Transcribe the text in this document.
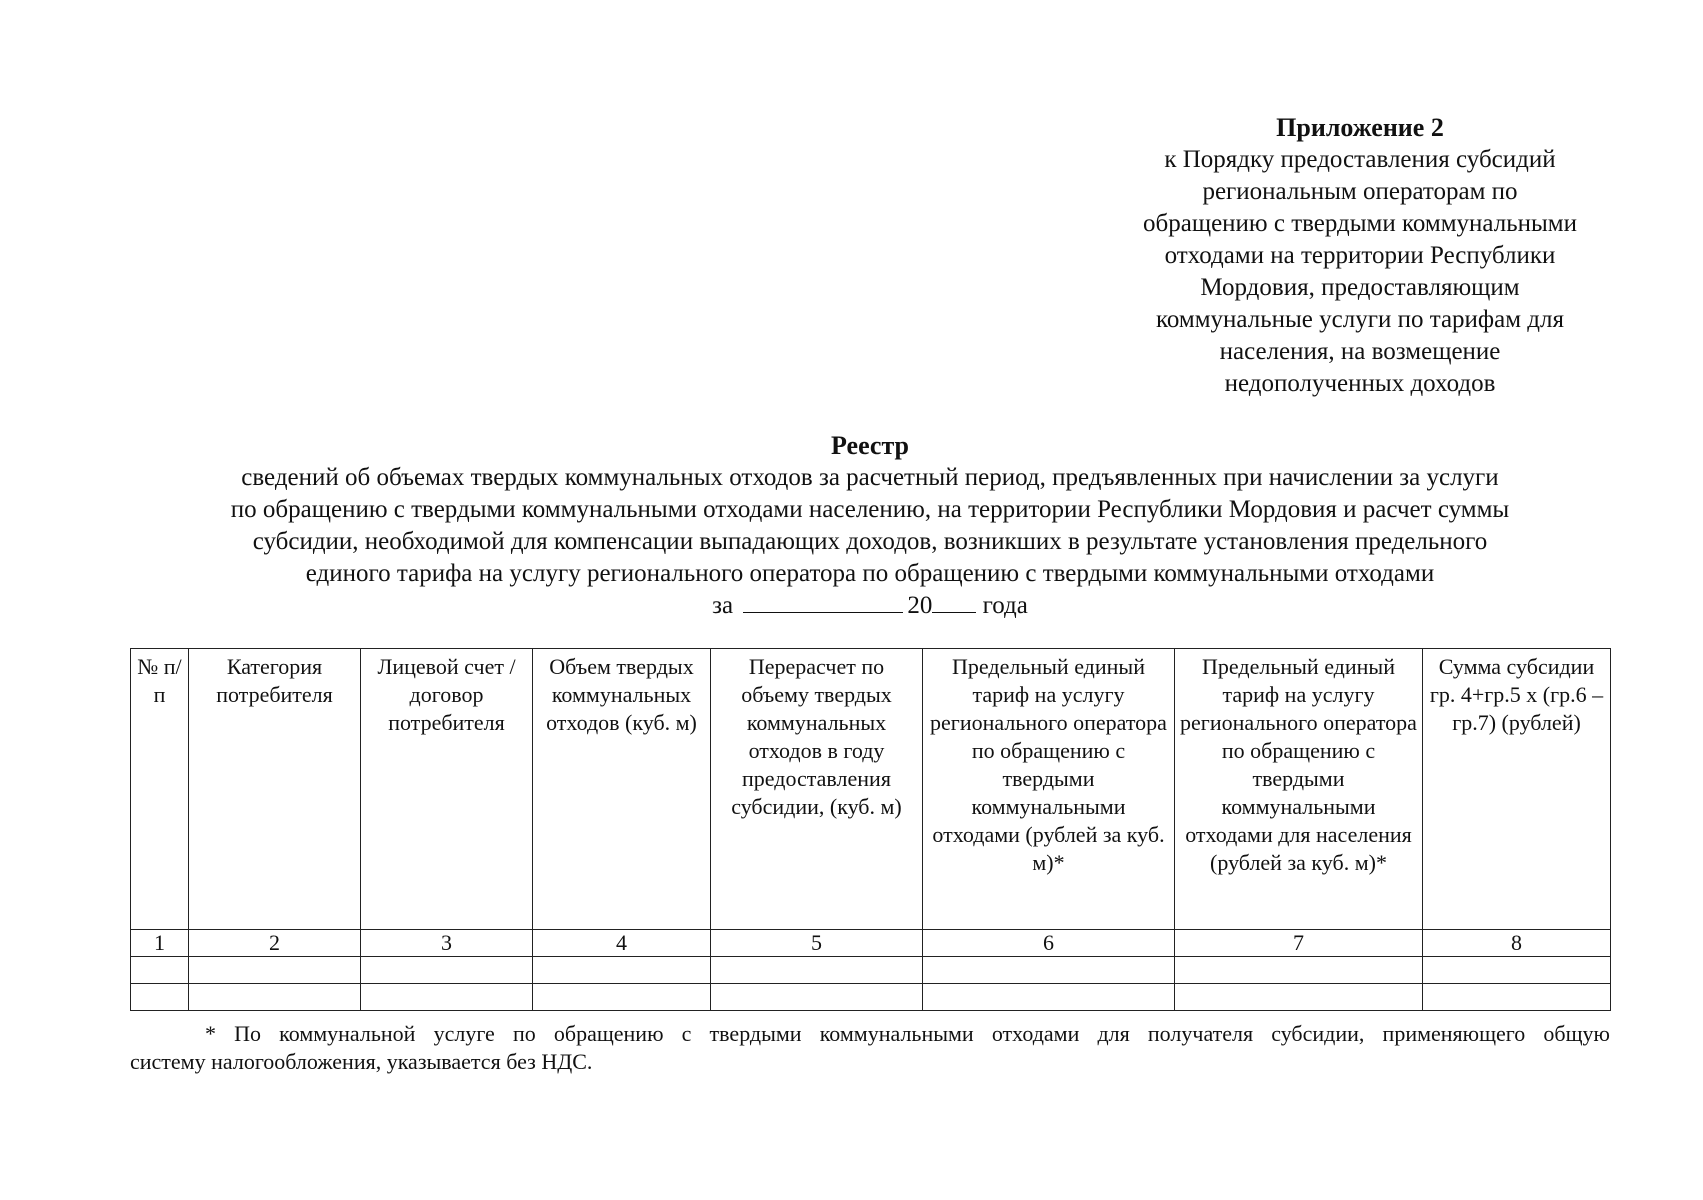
Приложение 2
к Порядку предоставления субсидий
региональным операторам по
обращению с твердыми коммунальными
отходами на территории Республики
Мордовия, предоставляющим
коммунальные услуги по тарифам для
населения, на возмещение
недополученных доходов
Реестр
сведений об объемах твердых коммунальных отходов за расчетный период, предъявленных при начислении за услуги
по обращению с твердыми коммунальными отходами населению, на территории Республики Мордовия и расчет суммы
субсидии, необходимой для компенсации выпадающих доходов, возникших в результате установления предельного
единого тарифа на услугу регионального оператора по обращению с твердыми коммунальными отходами
за	20 года
№ п/п	Категория потребителя	Лицевой счет / договор потребителя	Объем твердых коммунальных отходов (куб. м)	Перерасчет по объему твердых коммунальных отходов в году предоставления субсидии, (куб. м)	Предельный единый тариф на услугу регионального оператора по обращению с твердыми коммунальными отходами (рублей за куб. м)*	Предельный единый тариф на услугу регионального оператора по обращению с твердыми коммунальными отходами для населения (рублей за куб. м)*	Сумма субсидии гр. 4+гр.5 х (гр.6 – гр.7) (рублей)
1	2	3	4	5	6	7	8

* По коммунальной услуге по обращению с твердыми коммунальными отходами для получателя субсидии, применяющего общую
систему налогообложения, указывается без НДС.
